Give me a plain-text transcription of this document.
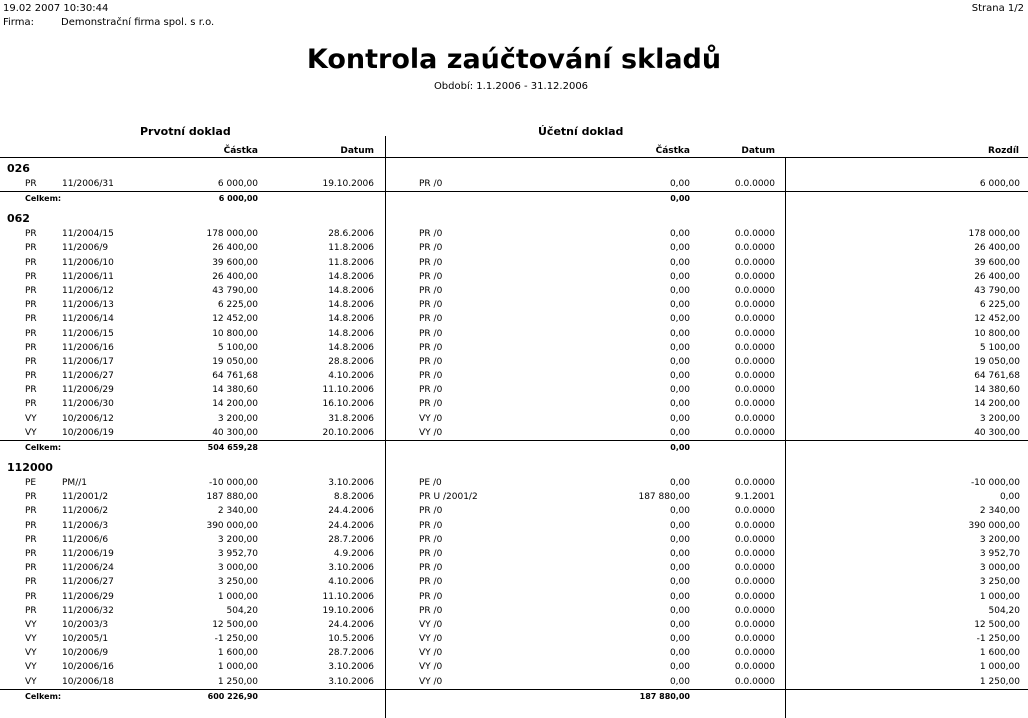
19.02 2007 10:30:44	Strana 1/2
Firma:	Demonstrační firma spol. s r.o.
Kontrola zaúčtování skladů
Období: 1.1.2006 - 31.12.2006
Prvotní doklad	Účetní doklad
Částka	Datum	Částka	Datum	Rozdíl
026
PR	11/2006/31	6 000,00	19.10.2006	PR /0	0,00	0.0.0000	6 000,00
Celkem:	6 000,00	0,00
062
PR	11/2004/15	178 000,00	28.6.2006	PR /0	0,00	0.0.0000	178 000,00
PR	11/2006/9	26 400,00	11.8.2006	PR /0	0,00	0.0.0000	26 400,00
PR	11/2006/10	39 600,00	11.8.2006	PR /0	0,00	0.0.0000	39 600,00
PR	11/2006/11	26 400,00	14.8.2006	PR /0	0,00	0.0.0000	26 400,00
PR	11/2006/12	43 790,00	14.8.2006	PR /0	0,00	0.0.0000	43 790,00
PR	11/2006/13	6 225,00	14.8.2006	PR /0	0,00	0.0.0000	6 225,00
PR	11/2006/14	12 452,00	14.8.2006	PR /0	0,00	0.0.0000	12 452,00
PR	11/2006/15	10 800,00	14.8.2006	PR /0	0,00	0.0.0000	10 800,00
PR	11/2006/16	5 100,00	14.8.2006	PR /0	0,00	0.0.0000	5 100,00
PR	11/2006/17	19 050,00	28.8.2006	PR /0	0,00	0.0.0000	19 050,00
PR	11/2006/27	64 761,68	4.10.2006	PR /0	0,00	0.0.0000	64 761,68
PR	11/2006/29	14 380,60	11.10.2006	PR /0	0,00	0.0.0000	14 380,60
PR	11/2006/30	14 200,00	16.10.2006	PR /0	0,00	0.0.0000	14 200,00
VY	10/2006/12	3 200,00	31.8.2006	VY /0	0,00	0.0.0000	3 200,00
VY	10/2006/19	40 300,00	20.10.2006	VY /0	0,00	0.0.0000	40 300,00
Celkem:	504 659,28	0,00
112000
PE	PM//1	-10 000,00	3.10.2006	PE /0	0,00	0.0.0000	-10 000,00
PR	11/2001/2	187 880,00	8.8.2006	PR U /2001/2	187 880,00	9.1.2001	0,00
PR	11/2006/2	2 340,00	24.4.2006	PR /0	0,00	0.0.0000	2 340,00
PR	11/2006/3	390 000,00	24.4.2006	PR /0	0,00	0.0.0000	390 000,00
PR	11/2006/6	3 200,00	28.7.2006	PR /0	0,00	0.0.0000	3 200,00
PR	11/2006/19	3 952,70	4.9.2006	PR /0	0,00	0.0.0000	3 952,70
PR	11/2006/24	3 000,00	3.10.2006	PR /0	0,00	0.0.0000	3 000,00
PR	11/2006/27	3 250,00	4.10.2006	PR /0	0,00	0.0.0000	3 250,00
PR	11/2006/29	1 000,00	11.10.2006	PR /0	0,00	0.0.0000	1 000,00
PR	11/2006/32	504,20	19.10.2006	PR /0	0,00	0.0.0000	504,20
VY	10/2003/3	12 500,00	24.4.2006	VY /0	0,00	0.0.0000	12 500,00
VY	10/2005/1	-1 250,00	10.5.2006	VY /0	0,00	0.0.0000	-1 250,00
VY	10/2006/9	1 600,00	28.7.2006	VY /0	0,00	0.0.0000	1 600,00
VY	10/2006/16	1 000,00	3.10.2006	VY /0	0,00	0.0.0000	1 000,00
VY	10/2006/18	1 250,00	3.10.2006	VY /0	0,00	0.0.0000	1 250,00
Celkem:	600 226,90	187 880,00
